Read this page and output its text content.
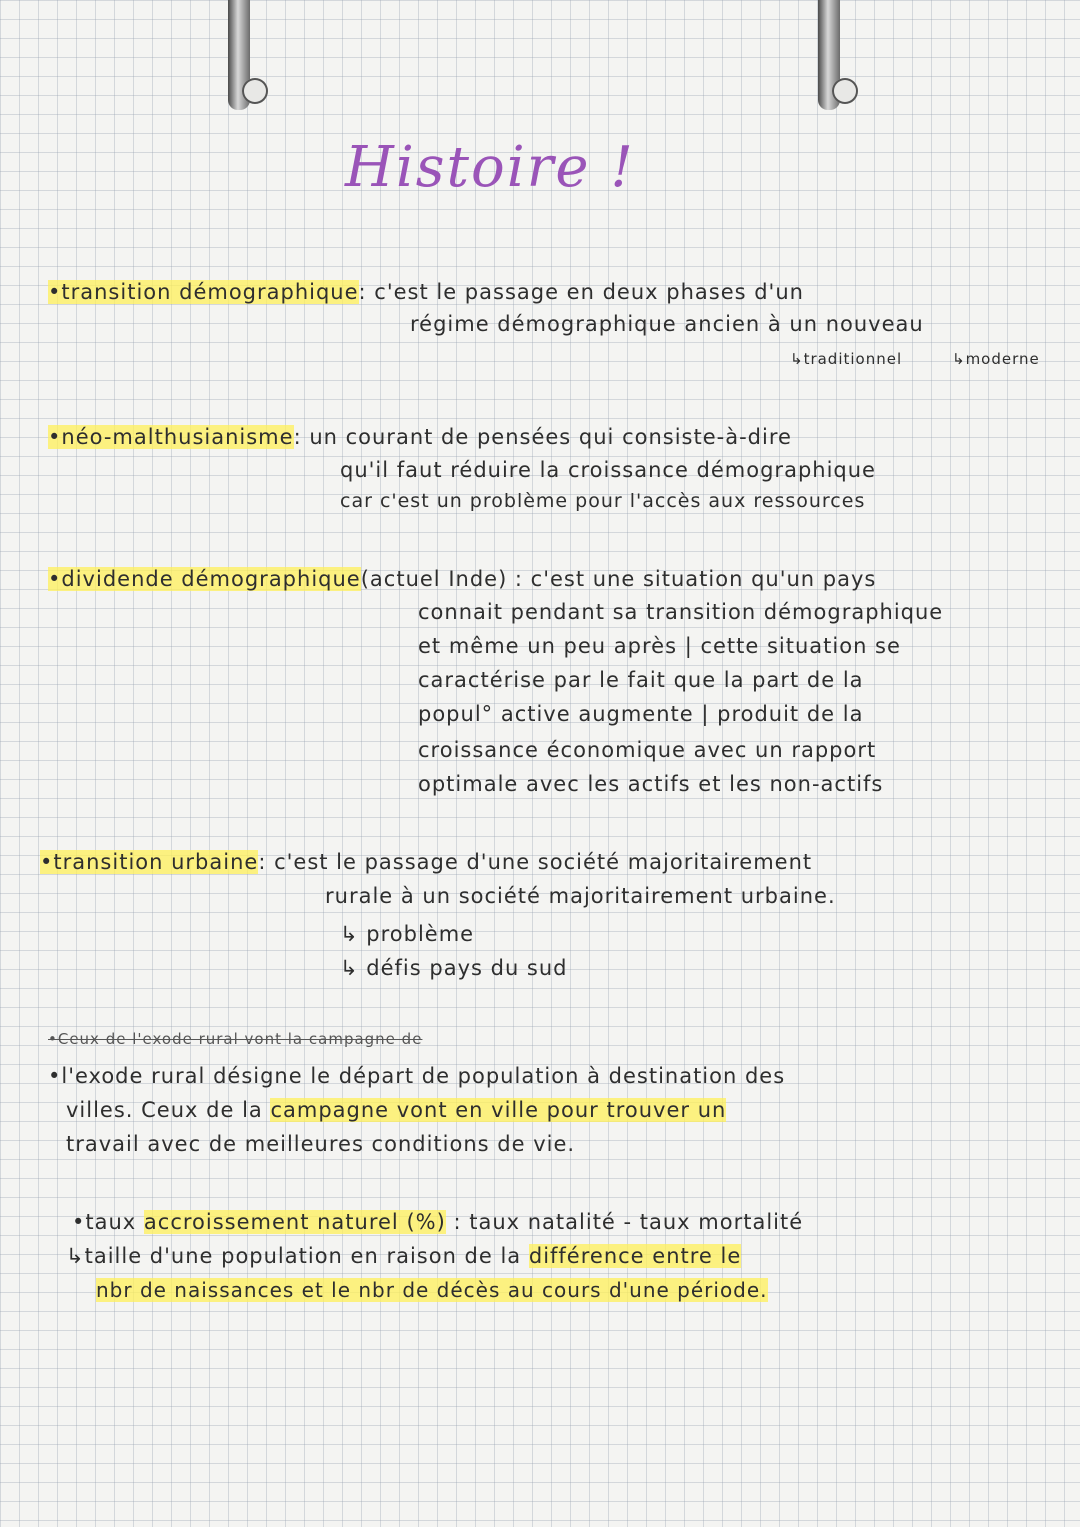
Histoire !
•transition démographique: c'est le passage en deux phases d'un
régime démographique ancien à un nouveau
↳traditionnel	↳moderne
•néo-malthusianisme: un courant de pensées qui consiste-à-dire
qu'il faut réduire la croissance démographique
car c'est un problème pour l'accès aux ressources
•dividende démographique(actuel Inde) : c'est une situation qu'un pays
connait pendant sa transition démographique
et même un peu après | cette situation se
caractérise par le fait que la part de la
popul° active augmente | produit de la
croissance économique avec un rapport
optimale avec les actifs et les non-actifs
•transition urbaine: c'est le passage d'une société majoritairement
rurale à un société majoritairement urbaine.
↳ problème
↳ défis pays du sud
•Ceux de l'exode rural vont la campagne de
•l'exode rural désigne le départ de population à destination des
villes. Ceux de la campagne vont en ville pour trouver un
travail avec de meilleures conditions de vie.
•taux accroissement naturel (%) : taux natalité - taux mortalité
↳taille d'une population en raison de la différence entre le
nbr de naissances et le nbr de décès au cours d'une période.
